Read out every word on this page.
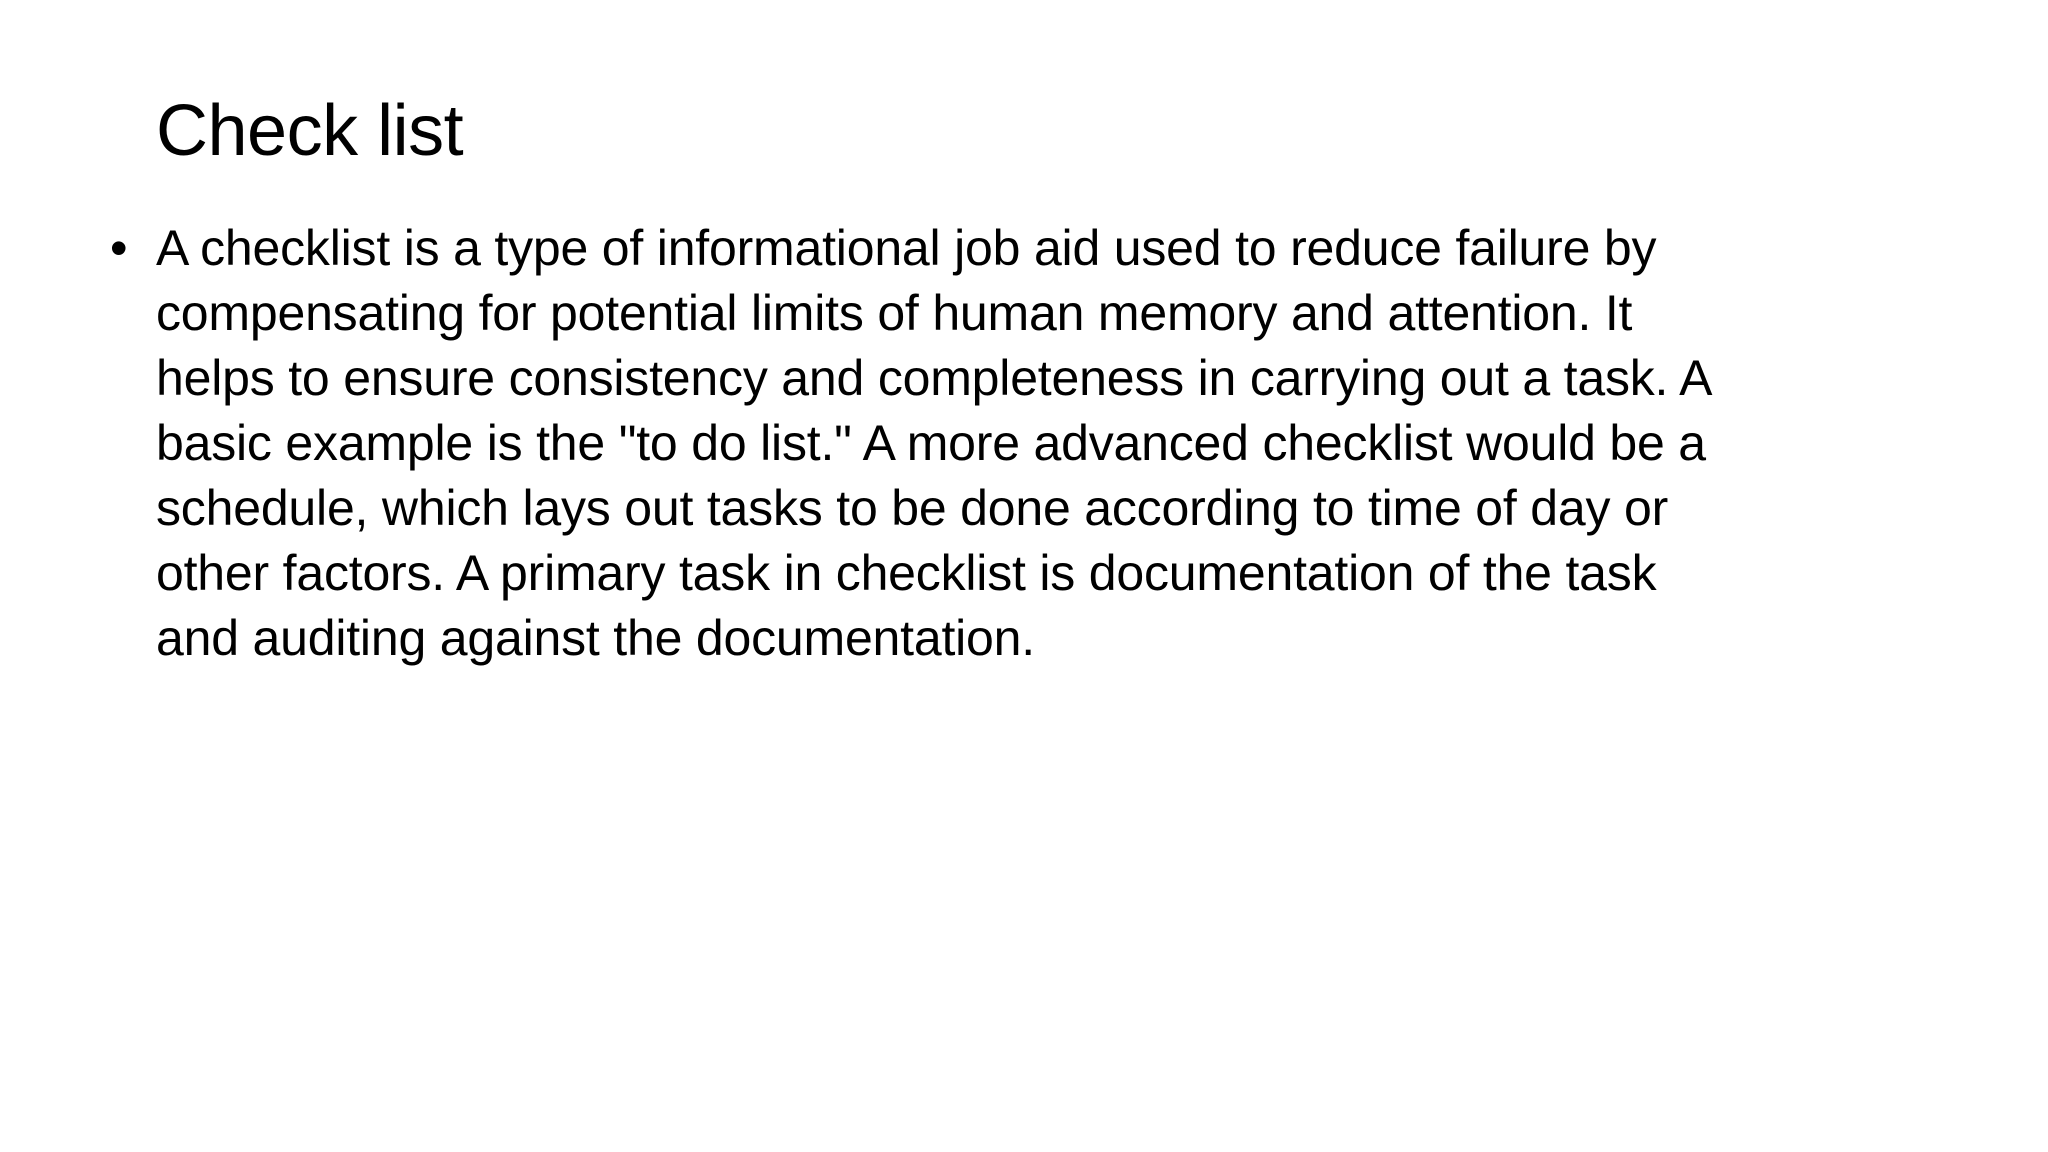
Check list
• A checklist is a type of informational job aid used to reduce failure by
compensating for potential limits of human memory and attention. It
helps to ensure consistency and completeness in carrying out a task. A
basic example is the "to do list." A more advanced checklist would be a
schedule, which lays out tasks to be done according to time of day or
other factors. A primary task in checklist is documentation of the task
and auditing against the documentation.
